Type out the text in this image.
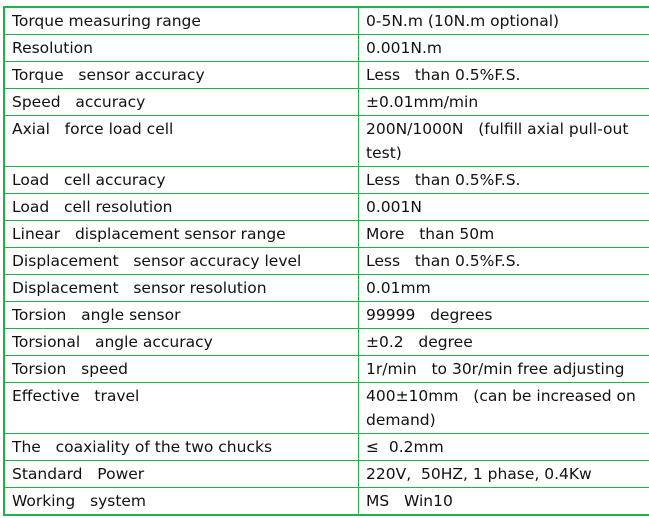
Torque measuring range	0-5N.m (10N.m optional)
Resolution	0.001N.m
Torque   sensor accuracy	Less   than 0.5%F.S.
Speed   accuracy	±0.01mm/min
Axial   force load cell	200N/1000N   (fulfill axial pull-out test)
Load   cell accuracy	Less   than 0.5%F.S.
Load   cell resolution	0.001N
Linear   displacement sensor range	More   than 50m
Displacement   sensor accuracy level	Less   than 0.5%F.S.
Displacement   sensor resolution	0.01mm
Torsion   angle sensor	99999   degrees
Torsional   angle accuracy	±0.2   degree
Torsion   speed	1r/min   to 30r/min free adjusting
Effective   travel	400±10mm   (can be increased on demand)
The   coaxiality of the two chucks	≤  0.2mm
Standard   Power	220V,  50HZ, 1 phase, 0.4Kw
Working   system	MS   Win10
